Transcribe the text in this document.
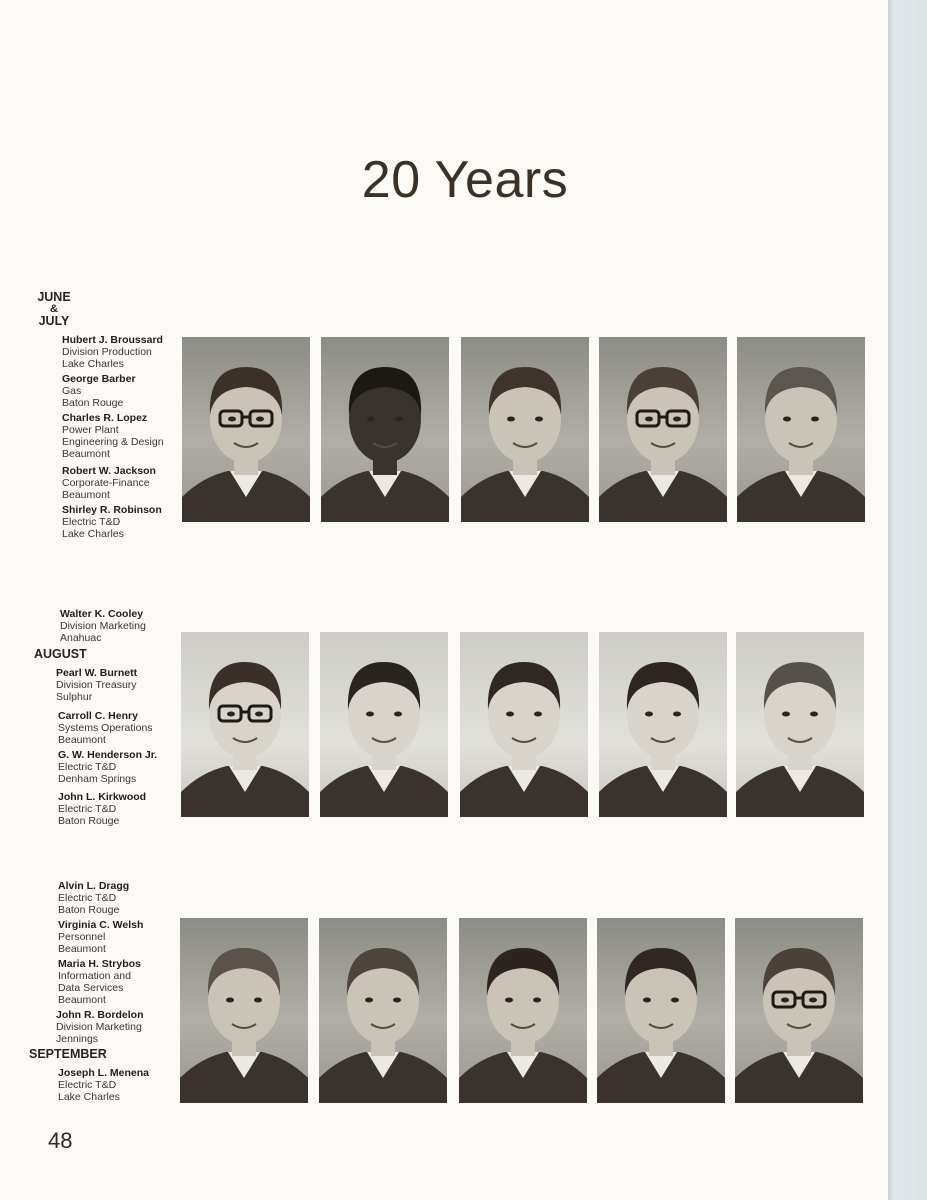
20 Years
JUNE
&
JULY
AUGUST
SEPTEMBER
Hubert J. Broussard
Division Production
Lake Charles
George Barber
Gas
Baton Rouge
Charles R. Lopez
Power Plant
Engineering & Design
Beaumont
Robert W. Jackson
Corporate-Finance
Beaumont
Shirley R. Robinson
Electric T&D
Lake Charles
Walter K. Cooley
Division Marketing
Anahuac
Pearl W. Burnett
Division Treasury
Sulphur
Carroll C. Henry
Systems Operations
Beaumont
G. W. Henderson Jr.
Electric T&D
Denham Springs
John L. Kirkwood
Electric T&D
Baton Rouge
Alvin L. Dragg
Electric T&D
Baton Rouge
Virginia C. Welsh
Personnel
Beaumont
Maria H. Strybos
Information and
Data Services
Beaumont
John R. Bordelon
Division Marketing
Jennings
Joseph L. Menena
Electric T&D
Lake Charles
48
